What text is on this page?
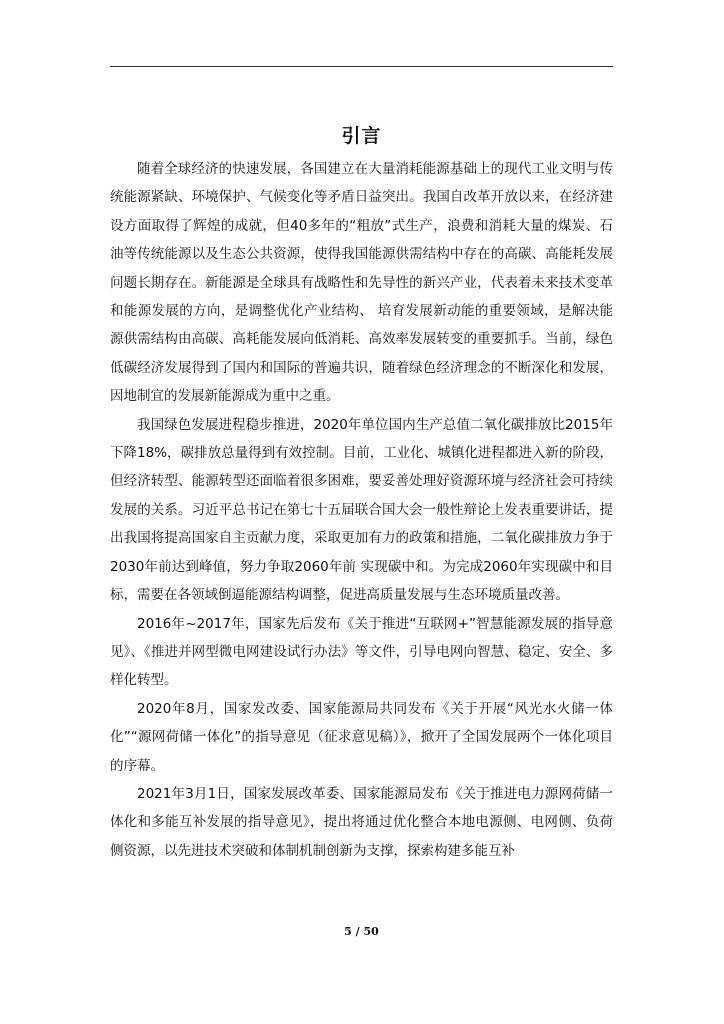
引言

随着全球经济的快速发展，各国建立在大量消耗能源基础上的现代工业文明与传统能源紧缺、环境保护、气候变化等矛盾日益突出。我国自改革开放以来，在经济建设方面取得了辉煌的成就，但40多年的“粗放”式生产，浪费和消耗大量的煤炭、石油等传统能源以及生态公共资源，使得我国能源供需结构中存在的高碳、高能耗发展问题长期存在。新能源是全球具有战略性和先导性的新兴产业，代表着未来技术变革和能源发展的方向，是调整优化产业结构、 培育发展新动能的重要领域，是解决能源供需结构由高碳、高耗能发展向低消耗、高效率发展转变的重要抓手。当前，绿色低碳经济发展得到了国内和国际的普遍共识，随着绿色经济理念的不断深化和发展，因地制宜的发展新能源成为重中之重。

我国绿色发展进程稳步推进，2020年单位国内生产总值二氧化碳排放比2015年下降18%，碳排放总量得到有效控制。目前，工业化、城镇化进程都进入新的阶段，但经济转型、能源转型还面临着很多困难，要妥善处理好资源环境与经济社会可持续发展的关系。习近平总书记在第七十五届联合国大会一般性辩论上发表重要讲话，提出我国将提高国家自主贡献力度，采取更加有力的政策和措施，二氧化碳排放力争于2030年前达到峰值，努力争取2060年前 实现碳中和。为完成2060年实现碳中和目标，需要在各领域倒逼能源结构调整，促进高质量发展与生态环境质量改善。

2016年~2017年，国家先后发布《关于推进“互联网+”智慧能源发展的指导意见》、《推进并网型微电网建设试行办法》等文件，引导电网向智慧、稳定、安全、多样化转型。

2020年8月，国家发改委、国家能源局共同发布《关于开展“风光水火储一体化”“源网荷储一体化”的指导意见（征求意见稿）》，掀开了全国发展两个一体化项目的序幕。

2021年3月1日，国家发展改革委、国家能源局发布《关于推进电力源网荷储一体化和多能互补发展的指导意见》，提出将通过优化整合本地电源侧、电网侧、负荷侧资源，以先进技术突破和体制机制创新为支撑，探索构建多能互补

5 / 50
